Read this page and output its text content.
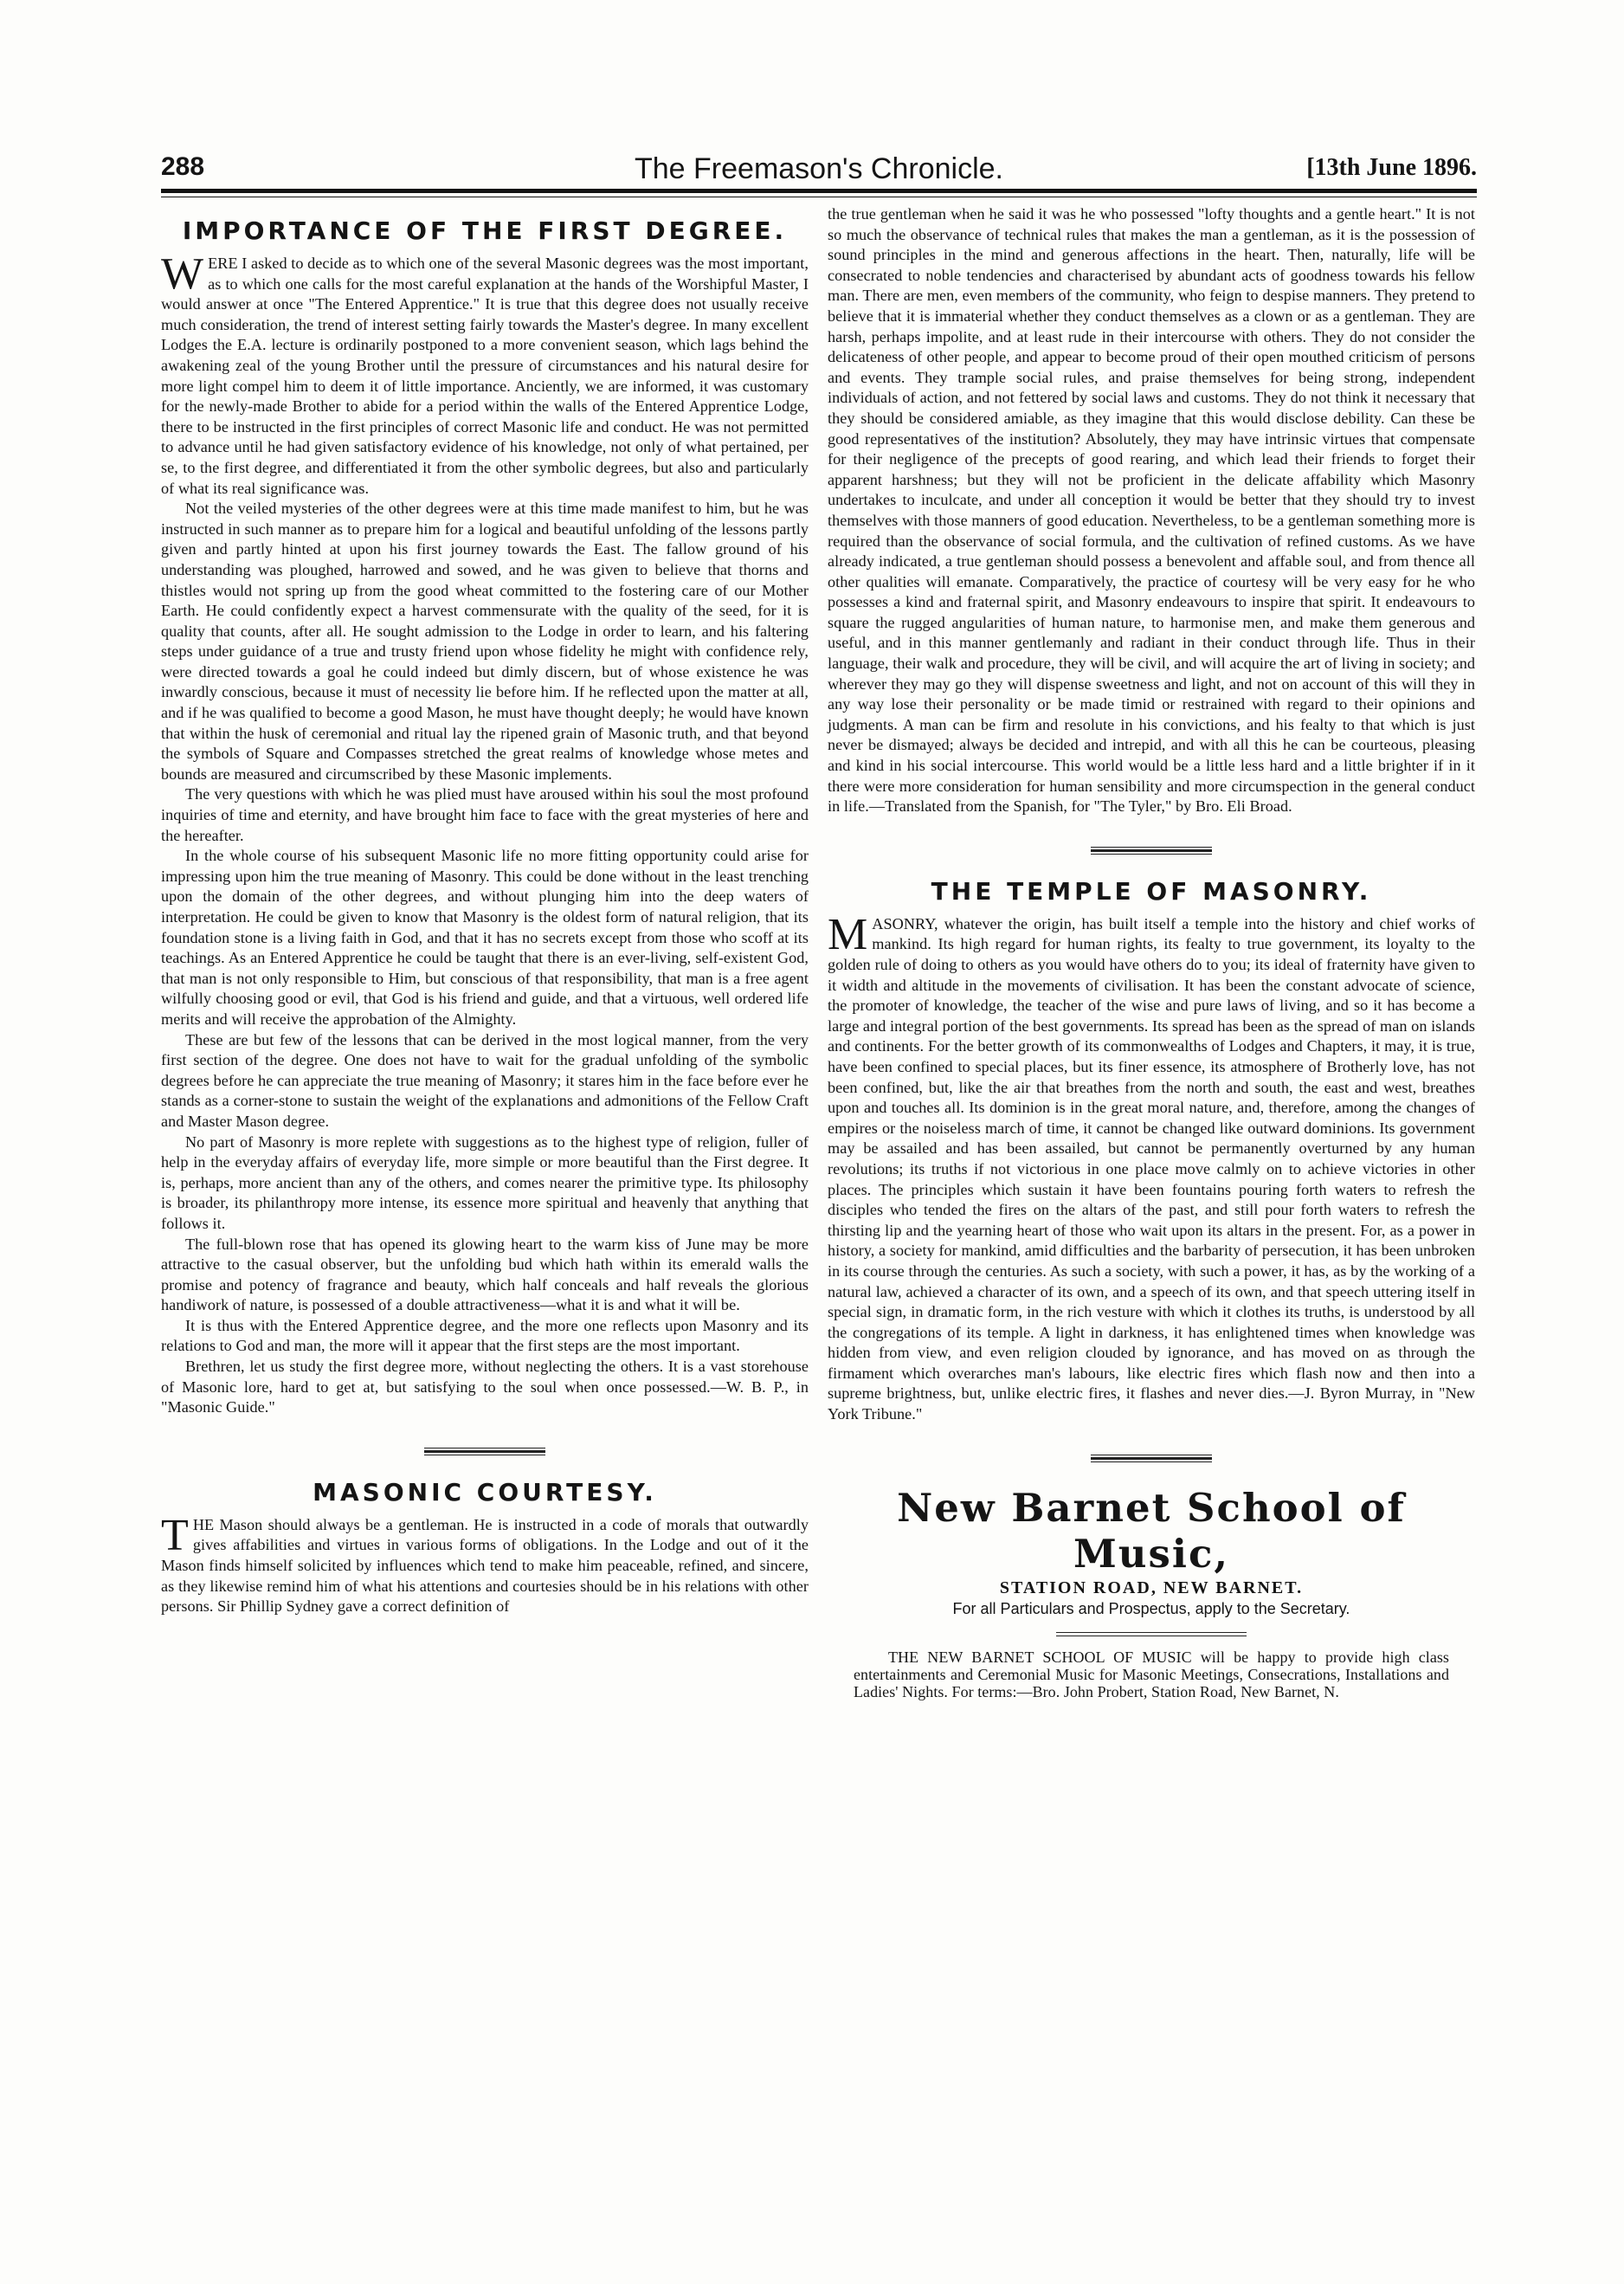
288	The Freemason's Chronicle.	[13th June 1896.
IMPORTANCE OF THE FIRST DEGREE.

WERE I asked to decide as to which one of the several Masonic degrees was the most important, as to which one calls for the most careful explanation at the hands of the Worshipful Master, I would answer at once "The Entered Apprentice." It is true that this degree does not usually receive much consideration, the trend of interest setting fairly towards the Master's degree. In many excellent Lodges the E.A. lecture is ordinarily postponed to a more convenient season, which lags behind the awakening zeal of the young Brother until the pressure of circumstances and his natural desire for more light compel him to deem it of little importance. Anciently, we are informed, it was customary for the newly-made Brother to abide for a period within the walls of the Entered Apprentice Lodge, there to be instructed in the first principles of correct Masonic life and conduct. He was not permitted to advance until he had given satisfactory evidence of his knowledge, not only of what pertained, per se, to the first degree, and differentiated it from the other symbolic degrees, but also and particularly of what its real significance was.

Not the veiled mysteries of the other degrees were at this time made manifest to him, but he was instructed in such manner as to prepare him for a logical and beautiful unfolding of the lessons partly given and partly hinted at upon his first journey towards the East. The fallow ground of his understanding was ploughed, harrowed and sowed, and he was given to believe that thorns and thistles would not spring up from the good wheat committed to the fostering care of our Mother Earth. He could confidently expect a harvest commensurate with the quality of the seed, for it is quality that counts, after all. He sought admission to the Lodge in order to learn, and his faltering steps under guidance of a true and trusty friend upon whose fidelity he might with confidence rely, were directed towards a goal he could indeed but dimly discern, but of whose existence he was inwardly conscious, because it must of necessity lie before him. If he reflected upon the matter at all, and if he was qualified to become a good Mason, he must have thought deeply; he would have known that within the husk of ceremonial and ritual lay the ripened grain of Masonic truth, and that beyond the symbols of Square and Compasses stretched the great realms of knowledge whose metes and bounds are measured and circumscribed by these Masonic implements.

The very questions with which he was plied must have aroused within his soul the most profound inquiries of time and eternity, and have brought him face to face with the great mysteries of here and the hereafter.

In the whole course of his subsequent Masonic life no more fitting opportunity could arise for impressing upon him the true meaning of Masonry. This could be done without in the least trenching upon the domain of the other degrees, and without plunging him into the deep waters of interpretation. He could be given to know that Masonry is the oldest form of natural religion, that its foundation stone is a living faith in God, and that it has no secrets except from those who scoff at its teachings. As an Entered Apprentice he could be taught that there is an ever-living, self-existent God, that man is not only responsible to Him, but conscious of that responsibility, that man is a free agent wilfully choosing good or evil, that God is his friend and guide, and that a virtuous, well ordered life merits and will receive the approbation of the Almighty.

These are but few of the lessons that can be derived in the most logical manner, from the very first section of the degree. One does not have to wait for the gradual unfolding of the symbolic degrees before he can appreciate the true meaning of Masonry; it stares him in the face before ever he stands as a corner-stone to sustain the weight of the explanations and admonitions of the Fellow Craft and Master Mason degree.

No part of Masonry is more replete with suggestions as to the highest type of religion, fuller of help in the everyday affairs of everyday life, more simple or more beautiful than the First degree. It is, perhaps, more ancient than any of the others, and comes nearer the primitive type. Its philosophy is broader, its philanthropy more intense, its essence more spiritual and heavenly that anything that follows it.

The full-blown rose that has opened its glowing heart to the warm kiss of June may be more attractive to the casual observer, but the unfolding bud which hath within its emerald walls the promise and potency of fragrance and beauty, which half conceals and half reveals the glorious handiwork of nature, is possessed of a double attractiveness—what it is and what it will be.

It is thus with the Entered Apprentice degree, and the more one reflects upon Masonry and its relations to God and man, the more will it appear that the first steps are the most important.

Brethren, let us study the first degree more, without neglecting the others. It is a vast storehouse of Masonic lore, hard to get at, but satisfying to the soul when once possessed.—W. B. P., in "Masonic Guide."

MASONIC COURTESY.

THE Mason should always be a gentleman. He is instructed in a code of morals that outwardly gives affabilities and virtues in various forms of obligations. In the Lodge and out of it the Mason finds himself solicited by influences which tend to make him peaceable, refined, and sincere, as they likewise remind him of what his attentions and courtesies should be in his relations with other persons. Sir Phillip Sydney gave a correct definition of

the true gentleman when he said it was he who possessed "lofty thoughts and a gentle heart." It is not so much the observance of technical rules that makes the man a gentleman, as it is the possession of sound principles in the mind and generous affections in the heart. Then, naturally, life will be consecrated to noble tendencies and characterised by abundant acts of goodness towards his fellow man. There are men, even members of the community, who feign to despise manners. They pretend to believe that it is immaterial whether they conduct themselves as a clown or as a gentleman. They are harsh, perhaps impolite, and at least rude in their intercourse with others. They do not consider the delicateness of other people, and appear to become proud of their open mouthed criticism of persons and events. They trample social rules, and praise themselves for being strong, independent individuals of action, and not fettered by social laws and customs. They do not think it necessary that they should be considered amiable, as they imagine that this would disclose debility. Can these be good representatives of the institution? Absolutely, they may have intrinsic virtues that compensate for their negligence of the precepts of good rearing, and which lead their friends to forget their apparent harshness; but they will not be proficient in the delicate affability which Masonry undertakes to inculcate, and under all conception it would be better that they should try to invest themselves with those manners of good education. Nevertheless, to be a gentleman something more is required than the observance of social formula, and the cultivation of refined customs. As we have already indicated, a true gentleman should possess a benevolent and affable soul, and from thence all other qualities will emanate. Comparatively, the practice of courtesy will be very easy for he who possesses a kind and fraternal spirit, and Masonry endeavours to inspire that spirit. It endeavours to square the rugged angularities of human nature, to harmonise men, and make them generous and useful, and in this manner gentlemanly and radiant in their conduct through life. Thus in their language, their walk and procedure, they will be civil, and will acquire the art of living in society; and wherever they may go they will dispense sweetness and light, and not on account of this will they in any way lose their personality or be made timid or restrained with regard to their opinions and judgments. A man can be firm and resolute in his convictions, and his fealty to that which is just never be dismayed; always be decided and intrepid, and with all this he can be courteous, pleasing and kind in his social intercourse. This world would be a little less hard and a little brighter if in it there were more consideration for human sensibility and more circumspection in the general conduct in life.—Translated from the Spanish, for "The Tyler," by Bro. Eli Broad.

THE TEMPLE OF MASONRY.

MASONRY, whatever the origin, has built itself a temple into the history and chief works of mankind. Its high regard for human rights, its fealty to true government, its loyalty to the golden rule of doing to others as you would have others do to you; its ideal of fraternity have given to it width and altitude in the movements of civilisation. It has been the constant advocate of science, the promoter of knowledge, the teacher of the wise and pure laws of living, and so it has become a large and integral portion of the best governments. Its spread has been as the spread of man on islands and continents. For the better growth of its commonwealths of Lodges and Chapters, it may, it is true, have been confined to special places, but its finer essence, its atmosphere of Brotherly love, has not been confined, but, like the air that breathes from the north and south, the east and west, breathes upon and touches all. Its dominion is in the great moral nature, and, therefore, among the changes of empires or the noiseless march of time, it cannot be changed like outward dominions. Its government may be assailed and has been assailed, but cannot be permanently overturned by any human revolutions; its truths if not victorious in one place move calmly on to achieve victories in other places. The principles which sustain it have been fountains pouring forth waters to refresh the disciples who tended the fires on the altars of the past, and still pour forth waters to refresh the thirsting lip and the yearning heart of those who wait upon its altars in the present. For, as a power in history, a society for mankind, amid difficulties and the barbarity of persecution, it has been unbroken in its course through the centuries. As such a society, with such a power, it has, as by the working of a natural law, achieved a character of its own, and a speech of its own, and that speech uttering itself in special sign, in dramatic form, in the rich vesture with which it clothes its truths, is understood by all the congregations of its temple. A light in darkness, it has enlightened times when knowledge was hidden from view, and even religion clouded by ignorance, and has moved on as through the firmament which overarches man's labours, like electric fires which flash now and then into a supreme brightness, but, unlike electric fires, it flashes and never dies.—J. Byron Murray, in "New York Tribune."

New Barnet School of Music,
STATION ROAD, NEW BARNET.
For all Particulars and Prospectus, apply to the Secretary.

THE NEW BARNET SCHOOL OF MUSIC will be happy to provide high class entertainments and Ceremonial Music for Masonic Meetings, Consecrations, Installations and Ladies' Nights. For terms:—Bro. John Probert, Station Road, New Barnet, N.
